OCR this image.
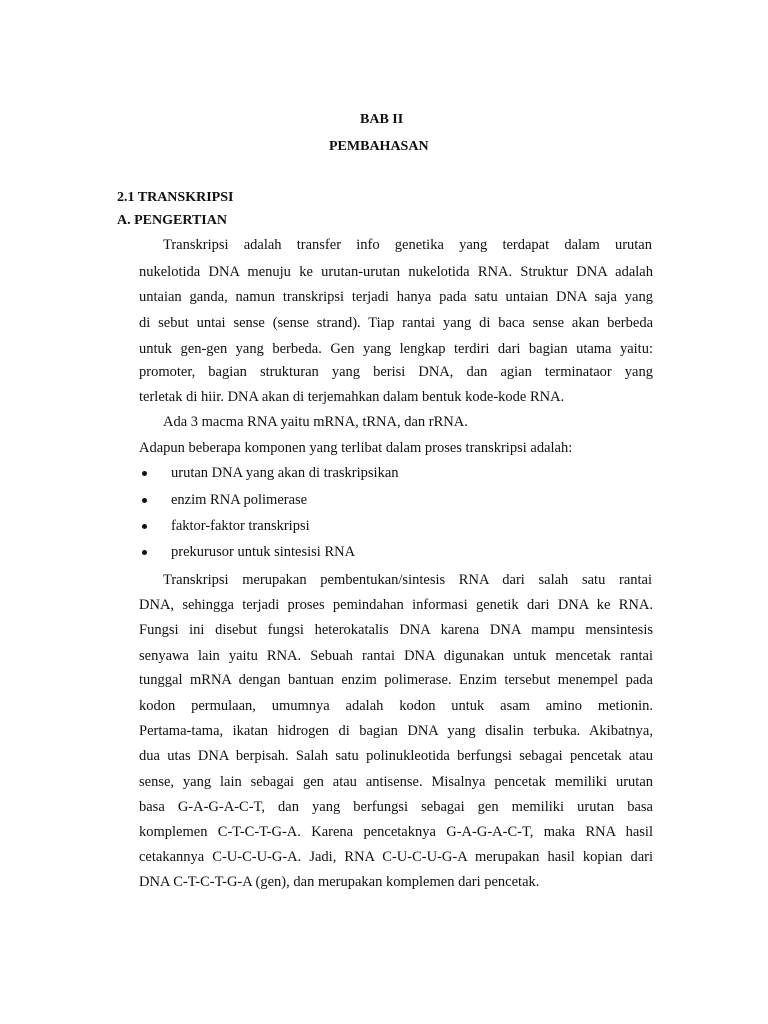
BAB II
PEMBAHASAN
2.1 TRANSKRIPSI
A. PENGERTIAN
Transkripsi adalah transfer info genetika yang terdapat dalam urutan
nukelotida DNA menuju ke urutan-urutan nukelotida RNA. Struktur DNA adalah
untaian ganda, namun transkripsi terjadi hanya pada satu untaian DNA saja yang
di sebut untai sense (sense strand). Tiap rantai yang di baca sense akan berbeda
untuk gen-gen yang berbeda. Gen yang lengkap terdiri dari bagian utama yaitu:
promoter, bagian strukturan yang berisi DNA, dan agian terminataor yang
terletak di hiir. DNA akan di terjemahkan dalam bentuk kode-kode RNA.
Ada 3 macma RNA yaitu mRNA, tRNA, dan rRNA.
Adapun beberapa komponen yang terlibat dalam proses transkripsi adalah:
urutan DNA yang akan di traskripsikan
enzim RNA polimerase
faktor-faktor transkripsi
prekurusor untuk sintesisi RNA
Transkripsi merupakan pembentukan/sintesis RNA dari salah satu rantai
DNA, sehingga terjadi proses pemindahan informasi genetik dari DNA ke RNA.
Fungsi ini disebut fungsi heterokatalis DNA karena DNA mampu mensintesis
senyawa lain yaitu RNA. Sebuah rantai DNA digunakan untuk mencetak rantai
tunggal mRNA dengan bantuan enzim polimerase. Enzim tersebut menempel pada
kodon permulaan, umumnya adalah kodon untuk asam amino metionin.
Pertama-tama, ikatan hidrogen di bagian DNA yang disalin terbuka. Akibatnya,
dua utas DNA berpisah. Salah satu polinukleotida berfungsi sebagai pencetak atau
sense, yang lain sebagai gen atau antisense. Misalnya pencetak memiliki urutan
basa G-A-G-A-C-T, dan yang berfungsi sebagai gen memiliki urutan basa
komplemen C-T-C-T-G-A. Karena pencetaknya G-A-G-A-C-T, maka RNA hasil
cetakannya C-U-C-U-G-A. Jadi, RNA C-U-C-U-G-A merupakan hasil kopian dari
DNA C-T-C-T-G-A (gen), dan merupakan komplemen dari pencetak.
